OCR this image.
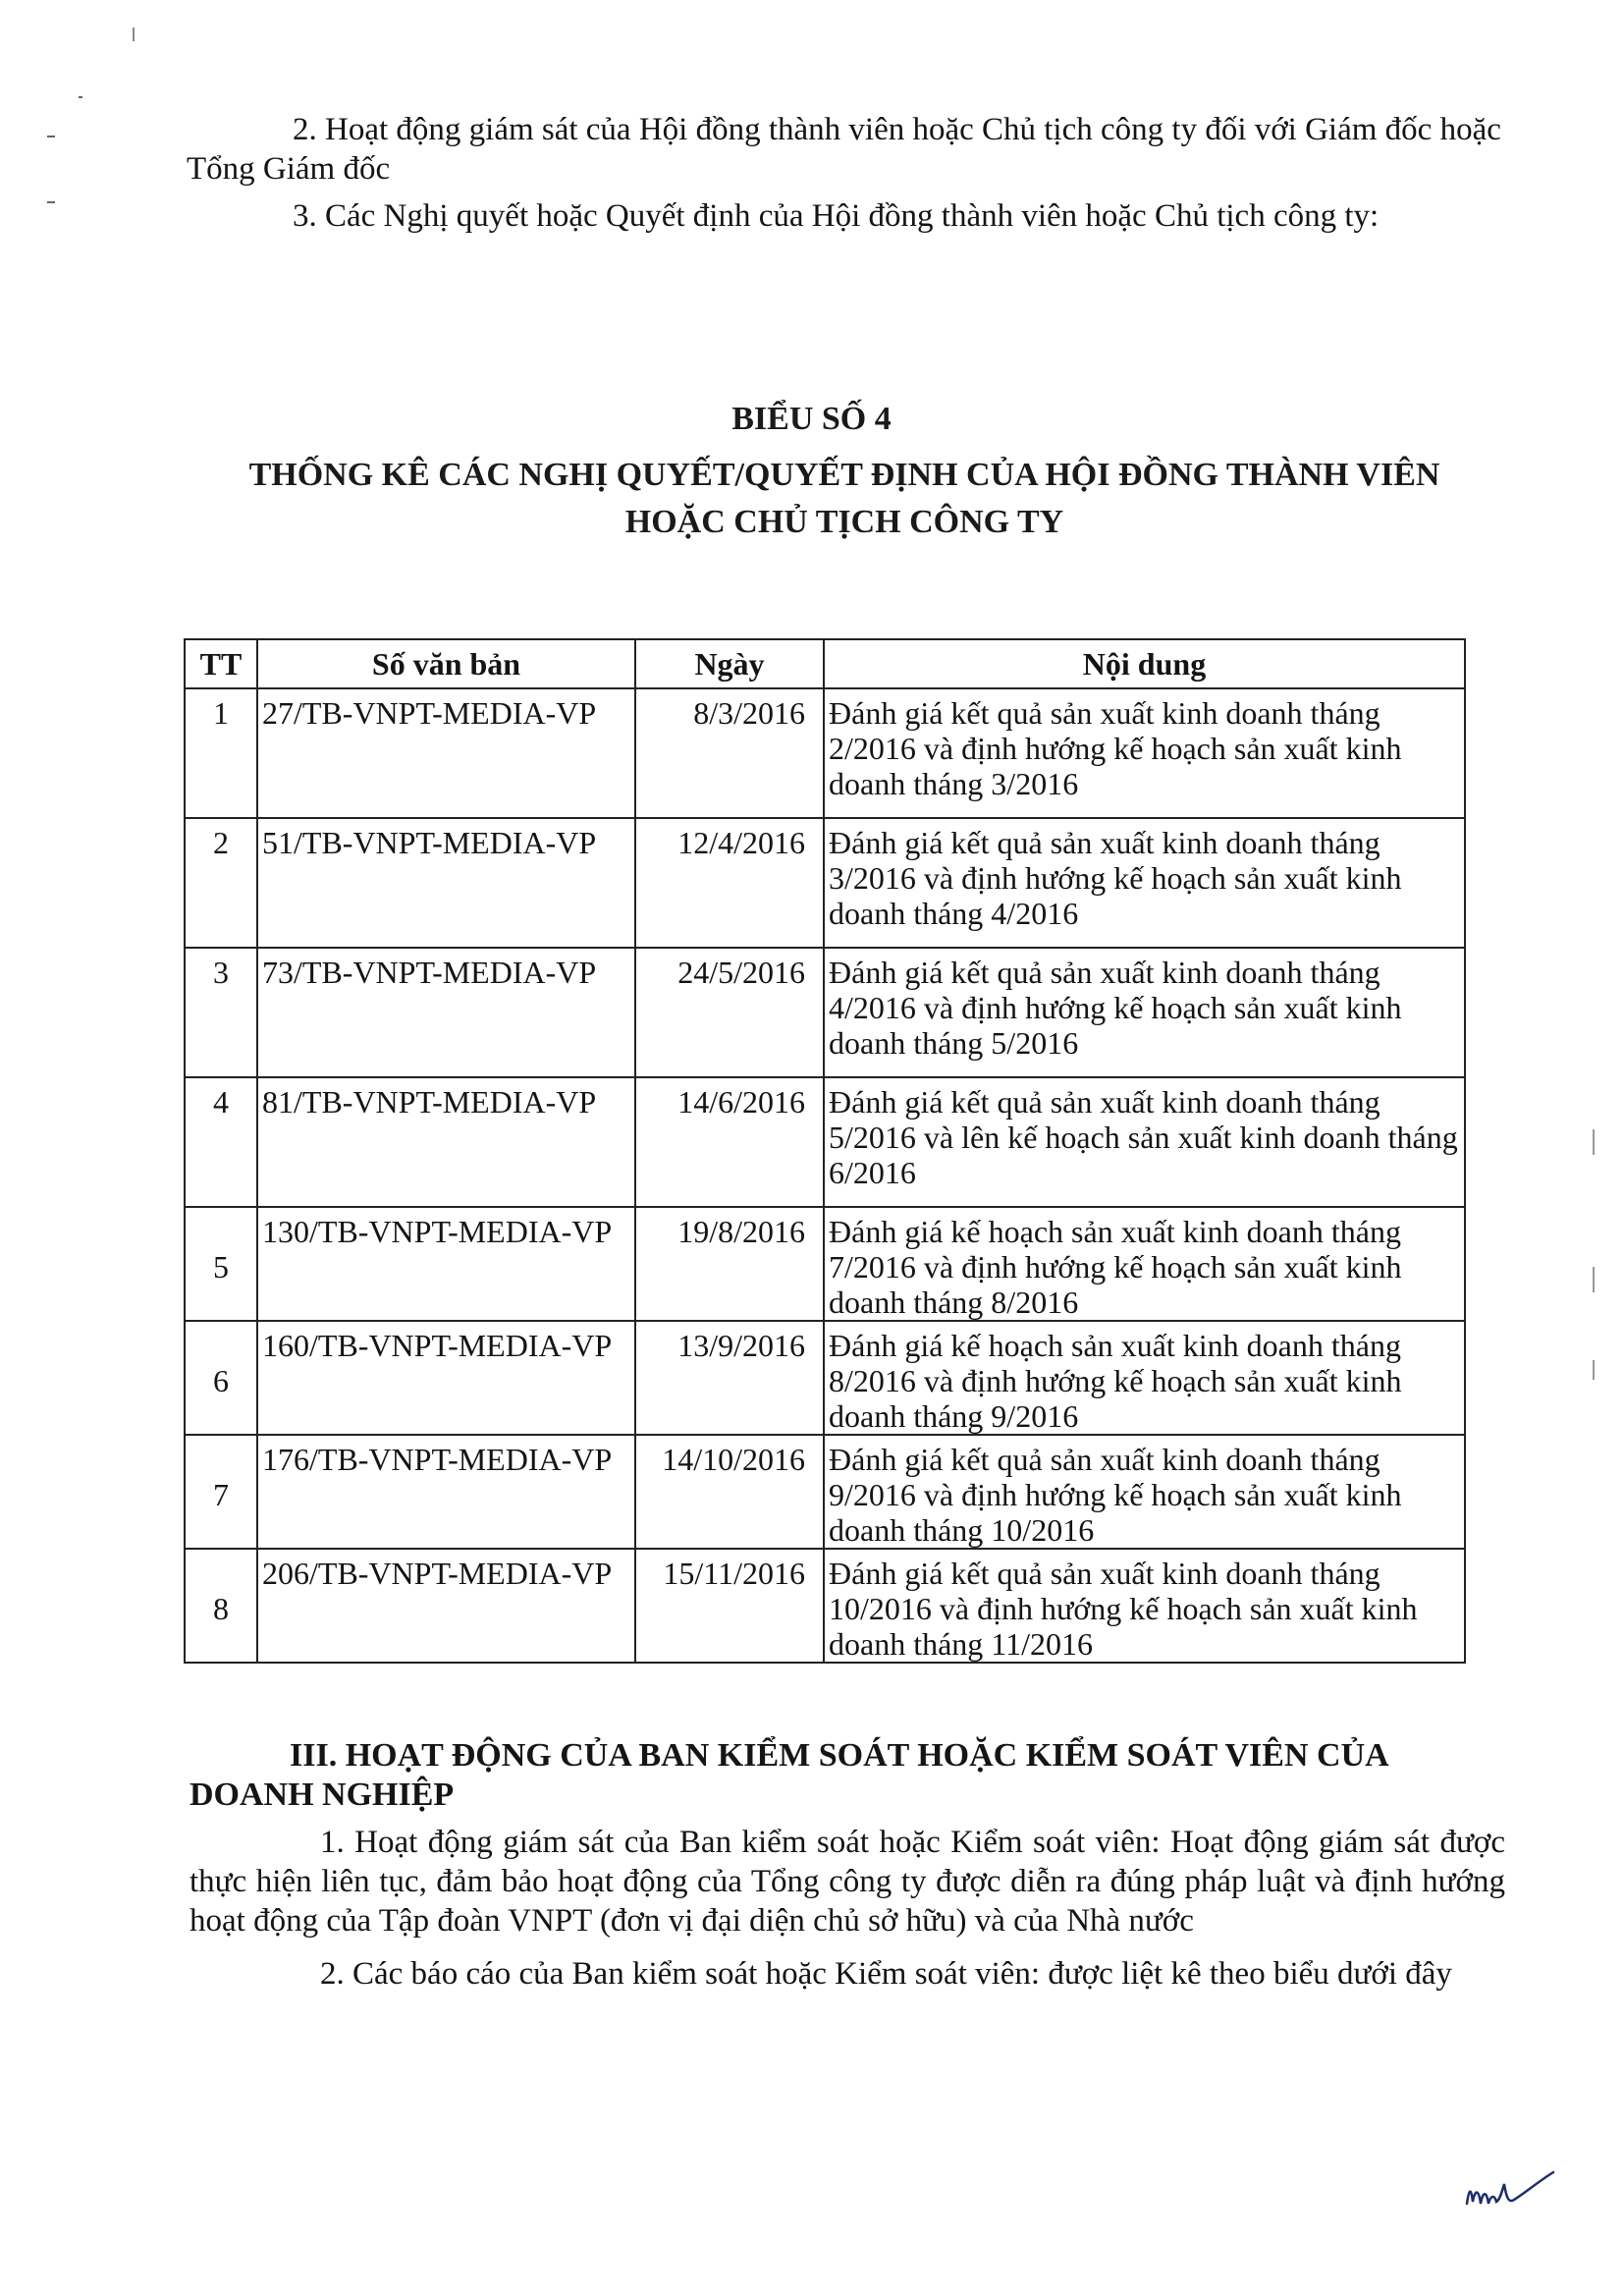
2. Hoạt động giám sát của Hội đồng thành viên hoặc Chủ tịch công ty đối với Giám đốc hoặc Tổng Giám đốc
3. Các Nghị quyết hoặc Quyết định của Hội đồng thành viên hoặc Chủ tịch công ty:
BIỂU SỐ 4
THỐNG KÊ CÁC NGHỊ QUYẾT/QUYẾT ĐỊNH CỦA HỘI ĐỒNG THÀNH VIÊN HOẶC CHỦ TỊCH CÔNG TY
TT	Số văn bản	Ngày	Nội dung
1	27/TB-VNPT-MEDIA-VP	8/3/2016	Đánh giá kết quả sản xuất kinh doanh tháng 2/2016 và định hướng kế hoạch sản xuất kinh doanh tháng 3/2016
2	51/TB-VNPT-MEDIA-VP	12/4/2016	Đánh giá kết quả sản xuất kinh doanh tháng 3/2016 và định hướng kế hoạch sản xuất kinh doanh tháng 4/2016
3	73/TB-VNPT-MEDIA-VP	24/5/2016	Đánh giá kết quả sản xuất kinh doanh tháng 4/2016 và định hướng kế hoạch sản xuất kinh doanh tháng 5/2016
4	81/TB-VNPT-MEDIA-VP	14/6/2016	Đánh giá kết quả sản xuất kinh doanh tháng 5/2016 và lên kế hoạch sản xuất kinh doanh tháng 6/2016
5	130/TB-VNPT-MEDIA-VP	19/8/2016	Đánh giá kế hoạch sản xuất kinh doanh tháng 7/2016 và định hướng kế hoạch sản xuất kinh doanh tháng 8/2016
6	160/TB-VNPT-MEDIA-VP	13/9/2016	Đánh giá kế hoạch sản xuất kinh doanh tháng 8/2016 và định hướng kế hoạch sản xuất kinh doanh tháng 9/2016
7	176/TB-VNPT-MEDIA-VP	14/10/2016	Đánh giá kết quả sản xuất kinh doanh tháng 9/2016 và định hướng kế hoạch sản xuất kinh doanh tháng 10/2016
8	206/TB-VNPT-MEDIA-VP	15/11/2016	Đánh giá kết quả sản xuất kinh doanh tháng 10/2016 và định hướng kế hoạch sản xuất kinh doanh tháng 11/2016
III. HOẠT ĐỘNG CỦA BAN KIỂM SOÁT HOẶC KIỂM SOÁT VIÊN CỦA DOANH NGHIỆP
1. Hoạt động giám sát của Ban kiểm soát hoặc Kiểm soát viên: Hoạt động giám sát được thực hiện liên tục, đảm bảo hoạt động của Tổng công ty được diễn ra đúng pháp luật và định hướng hoạt động của Tập đoàn VNPT (đơn vị đại diện chủ sở hữu) và của Nhà nước
2. Các báo cáo của Ban kiểm soát hoặc Kiểm soát viên: được liệt kê theo biểu dưới đây
